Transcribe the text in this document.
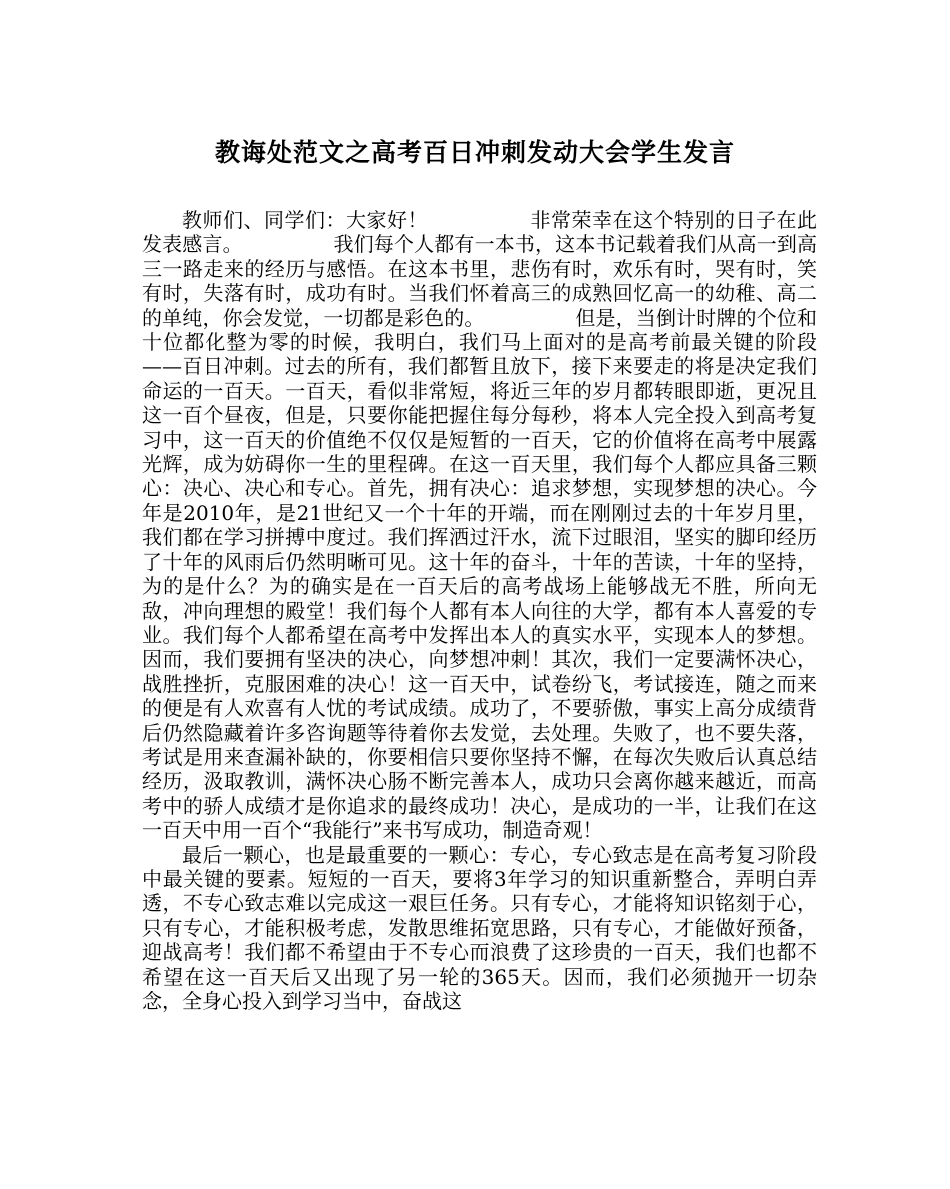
教诲处范文之高考百日冲刺发动大会学生发言

教师们、同学们：大家好！　　　　　非常荣幸在这个特别的日子在此发表感言。　　　　　我们每个人都有一本书，这本书记载着我们从高一到高三一路走来的经历与感悟。在这本书里，悲伤有时，欢乐有时，哭有时，笑有时，失落有时，成功有时。当我们怀着高三的成熟回忆高一的幼稚、高二的单纯，你会发觉，一切都是彩色的。　　　　　但是，当倒计时牌的个位和十位都化整为零的时候，我明白，我们马上面对的是高考前最关键的阶段——百日冲刺。过去的所有，我们都暂且放下，接下来要走的将是决定我们命运的一百天。一百天，看似非常短，将近三年的岁月都转眼即逝，更况且这一百个昼夜，但是，只要你能把握住每分每秒，将本人完全投入到高考复习中，这一百天的价值绝不仅仅是短暂的一百天，它的价值将在高考中展露光辉，成为妨碍你一生的里程碑。在这一百天里，我们每个人都应具备三颗心：决心、决心和专心。首先，拥有决心：追求梦想，实现梦想的决心。今年是2010年，是21世纪又一个十年的开端，而在刚刚过去的十年岁月里，我们都在学习拼搏中度过。我们挥洒过汗水，流下过眼泪，坚实的脚印经历了十年的风雨后仍然明晰可见。这十年的奋斗，十年的苦读，十年的坚持，为的是什么？为的确实是在一百天后的高考战场上能够战无不胜，所向无敌，冲向理想的殿堂！我们每个人都有本人向往的大学，都有本人喜爱的专业。我们每个人都希望在高考中发挥出本人的真实水平，实现本人的梦想。因而，我们要拥有坚决的决心，向梦想冲刺！其次，我们一定要满怀决心，战胜挫折，克服困难的决心！这一百天中，试卷纷飞，考试接连，随之而来的便是有人欢喜有人忧的考试成绩。成功了，不要骄傲，事实上高分成绩背后仍然隐藏着许多咨询题等待着你去发觉，去处理。失败了，也不要失落，考试是用来查漏补缺的，你要相信只要你坚持不懈，在每次失败后认真总结经历，汲取教训，满怀决心肠不断完善本人，成功只会离你越来越近，而高考中的骄人成绩才是你追求的最终成功！决心，是成功的一半，让我们在这一百天中用一百个“我能行”来书写成功，制造奇观！

最后一颗心，也是最重要的一颗心：专心，专心致志是在高考复习阶段中最关键的要素。短短的一百天，要将3年学习的知识重新整合，弄明白弄透，不专心致志难以完成这一艰巨任务。只有专心，才能将知识铭刻于心，只有专心，才能积极考虑，发散思维拓宽思路，只有专心，才能做好预备，迎战高考！我们都不希望由于不专心而浪费了这珍贵的一百天，我们也都不希望在这一百天后又出现了另一轮的365天。因而，我们必须抛开一切杂念，全身心投入到学习当中，奋战这
